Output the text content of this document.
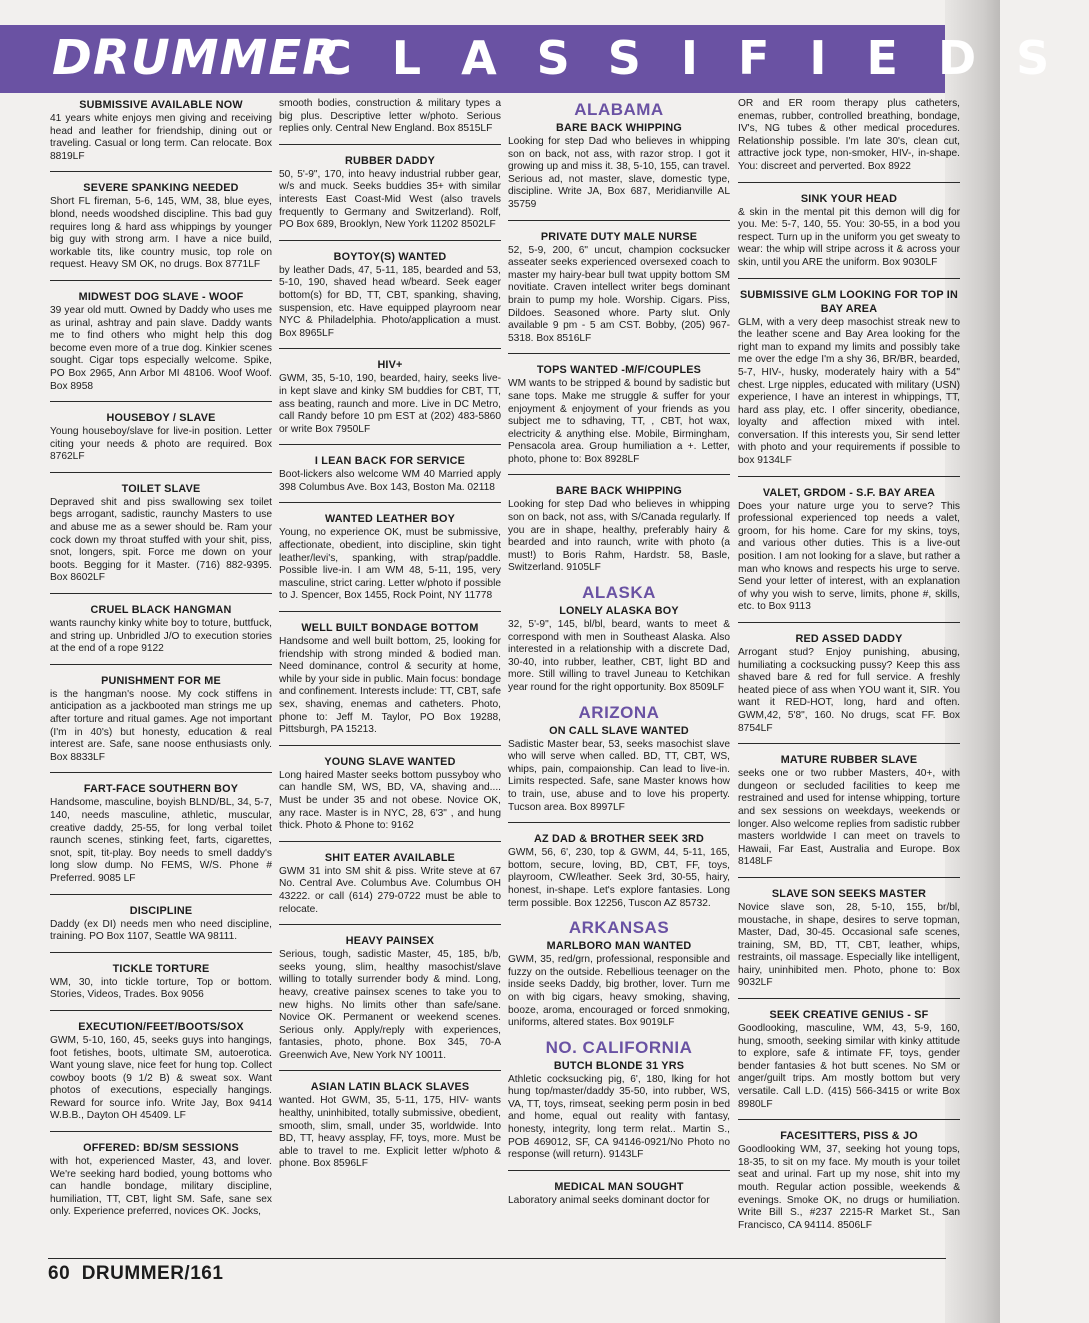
DRUMMER
CLASSIFIEDS
SUBMISSIVE AVAILABLE NOW
41 years white enjoys men giving and receiving head and leather for friendship, dining out or traveling. Casual or long term. Can relocate. Box 8819LF
SEVERE SPANKING NEEDED
Short FL fireman, 5-6, 145, WM, 38, blue eyes, blond, needs woodshed discipline. This bad guy requires long & hard ass whippings by younger big guy with strong arm. I have a nice build, workable tits, like country music, top role on request. Heavy SM OK, no drugs. Box 8771LF
MIDWEST DOG SLAVE - WOOF
39 year old mutt. Owned by Daddy who uses me as urinal, ashtray and pain slave. Daddy wants me to find others who might help this dog become even more of a true dog. Kinkier scenes sought. Cigar tops especially welcome. Spike, PO Box 2965, Ann Arbor MI 48106. Woof Woof. Box 8958
HOUSEBOY / SLAVE
Young houseboy/slave for live-in position. Letter citing your needs & photo are required. Box 8762LF
TOILET SLAVE
Depraved shit and piss swallowing sex toilet begs arrogant, sadistic, raunchy Masters to use and abuse me as a sewer should be. Ram your cock down my throat stuffed with your shit, piss, snot, longers, spit. Force me down on your boots. Begging for it Master. (716) 882-9395. Box 8602LF
CRUEL BLACK HANGMAN
wants raunchy kinky white boy to toture, buttfuck, and string up. Unbridled J/O to execution stories at the end of a rope 9122
PUNISHMENT FOR ME
is the hangman's noose. My cock stiffens in anticipation as a jackbooted man strings me up after torture and ritual games. Age not important (I'm in 40's) but honesty, education & real interest are. Safe, sane noose enthusiasts only. Box 8833LF
FART-FACE SOUTHERN BOY
Handsome, masculine, boyish BLND/BL, 34, 5-7, 140, needs masculine, athletic, muscular, creative daddy, 25-55, for long verbal toilet raunch scenes, stinking feet, farts, cigarettes, snot, spit, tit-play. Boy needs to smell daddy's long slow dump. No FEMS, W/S. Phone # Preferred. 9085 LF
DISCIPLINE
Daddy (ex DI) needs men who need discipline, training. PO Box 1107, Seattle WA 98111.
TICKLE TORTURE
WM, 30, into tickle torture, Top or bottom. Stories, Videos, Trades. Box 9056
EXECUTION/FEET/BOOTS/SOX
GWM, 5-10, 160, 45, seeks guys into hangings, foot fetishes, boots, ultimate SM, autoerotica. Want young slave, nice feet for hung top. Collect cowboy boots (9 1/2 B) & sweat sox. Want photos of executions, especially hangings. Reward for source info. Write Jay, Box 9414 W.B.B., Dayton OH 45409. LF
OFFERED: BD/SM SESSIONS
with hot, experienced Master, 43, and lover. We're seeking hard bodied, young bottoms who can handle bondage, military discipline, humiliation, TT, CBT, light SM. Safe, sane sex only. Experience preferred, novices OK. Jocks,
smooth bodies, construction & military types a big plus. Descriptive letter w/photo. Serious replies only. Central New England. Box 8515LF
RUBBER DADDY
50, 5'-9", 170, into heavy industrial rubber gear, w/s and muck. Seeks buddies 35+ with similar interests East Coast-Mid West (also travels frequently to Germany and Switzerland). Rolf, PO Box 689, Brooklyn, New York 11202 8502LF
BOYTOY(S) WANTED
by leather Dads, 47, 5-11, 185, bearded and 53, 5-10, 190, shaved head w/beard. Seek eager bottom(s) for BD, TT, CBT, spanking, shaving, suspension, etc. Have equipped playroom near NYC & Philadelphia. Photo/application a must. Box 8965LF
HIV+
GWM, 35, 5-10, 190, bearded, hairy, seeks live-in kept slave and kinky SM buddies for CBT, TT, ass beating, raunch and more. Live in DC Metro, call Randy before 10 pm EST at (202) 483-5860 or write Box 7950LF
I LEAN BACK FOR SERVICE
Boot-lickers also welcome WM 40 Married apply 398 Columbus Ave. Box 143, Boston Ma. 02118
WANTED LEATHER BOY
Young, no experience OK, must be submissive, affectionate, obedient, into discipline, skin tight leather/levi's, spanking, with strap/paddle. Possible live-in. I am WM 48, 5-11, 195, very masculine, strict caring. Letter w/photo if possible to J. Spencer, Box 1455, Rock Point, NY 11778
WELL BUILT BONDAGE BOTTOM
Handsome and well built bottom, 25, looking for friendship with strong minded & bodied man. Need dominance, control & security at home, while by your side in public. Main focus: bondage and confinement. Interests include: TT, CBT, safe sex, shaving, enemas and catheters. Photo, phone to: Jeff M. Taylor, PO Box 19288, Pittsburgh, PA 15213.
YOUNG SLAVE WANTED
Long haired Master seeks bottom pussyboy who can handle SM, WS, BD, VA, shaving and.... Must be under 35 and not obese. Novice OK, any race. Master is in NYC, 28, 6'3" , and hung thick. Photo & Phone to: 9162
SHIT EATER AVAILABLE
GWM 31 into SM shit & piss. Write steve at 67 No. Central Ave. Columbus Ave. Columbus OH 43222. or call (614) 279-0722 must be able to relocate.
HEAVY PAINSEX
Serious, tough, sadistic Master, 45, 185, b/b, seeks young, slim, healthy masochist/slave willing to totally surrender body & mind. Long, heavy, creative painsex scenes to take you to new highs. No limits other than safe/sane. Novice OK. Permanent or weekend scenes. Serious only. Apply/reply with experiences, fantasies, photo, phone. Box 345, 70-A Greenwich Ave, New York NY 10011.
ASIAN LATIN BLACK SLAVES
wanted. Hot GWM, 35, 5-11, 175, HIV- wants healthy, uninhibited, totally submissive, obedient, smooth, slim, small, under 35, worldwide. Into BD, TT, heavy assplay, FF, toys, more. Must be able to travel to me. Explicit letter w/photo & phone. Box 8596LF
ALABAMA
BARE BACK WHIPPING
Looking for step Dad who believes in whipping son on back, not ass, with razor strop. I got it growing up and miss it. 38, 5-10, 155, can travel. Serious ad, not master, slave, domestic type, discipline. Write JA, Box 687, Meridianville AL 35759
PRIVATE DUTY MALE NURSE
52, 5-9, 200, 6" uncut, champion cocksucker asseater seeks experienced oversexed coach to master my hairy-bear bull twat uppity bottom SM novitiate. Craven intellect writer begs dominant brain to pump my hole. Worship. Cigars. Piss, Dildoes. Seasoned whore. Party slut. Only available 9 pm - 5 am CST. Bobby, (205) 967-5318. Box 8516LF
TOPS WANTED -M/F/COUPLES
WM wants to be stripped & bound by sadistic but sane tops. Make me struggle & suffer for your enjoyment & enjoyment of your friends as you subject me to sdhaving, TT, , CBT, hot wax, electricity & anything else. Mobile, Birmingham, Pensacola area. Group humiliation a +. Letter, photo, phone to: Box 8928LF
BARE BACK WHIPPING
Looking for step Dad who believes in whipping son on back, not ass, with S/Canada regularly. If you are in shape, healthy, preferably hairy & bearded and into raunch, write with photo (a must!) to Boris Rahm, Hardstr. 58, Basle, Switzerland. 9105LF
ALASKA
LONELY ALASKA BOY
32, 5'-9", 145, bl/bl, beard, wants to meet & correspond with men in Southeast Alaska. Also interested in a relationship with a discrete Dad, 30-40, into rubber, leather, CBT, light BD and more. Still willing to travel Juneau to Ketchikan year round for the right opportunity. Box 8509LF
ARIZONA
ON CALL SLAVE WANTED
Sadistic Master bear, 53, seeks masochist slave who will serve when called. BD, TT, CBT, WS, whips, pain, compaionship. Can lead to live-in. Limits respected. Safe, sane Master knows how to train, use, abuse and to love his property. Tucson area. Box 8997LF
AZ DAD & BROTHER SEEK 3RD
GWM, 56, 6', 230, top & GWM, 44, 5-11, 165, bottom, secure, loving, BD, CBT, FF, toys, playroom, CW/leather. Seek 3rd, 30-55, hairy, honest, in-shape. Let's explore fantasies. Long term possible. Box 12256, Tuscon AZ 85732.
ARKANSAS
MARLBORO MAN WANTED
GWM, 35, red/grn, professional, responsible and fuzzy on the outside. Rebellious teenager on the inside seeks Daddy, big brother, lover. Turn me on with big cigars, heavy smoking, shaving, booze, aroma, encouraged or forced snmoking, uniforms, altered states. Box 9019LF
NO. CALIFORNIA
BUTCH BLONDE 31 YRS
Athletic cocksucking pig, 6', 180, lking for hot hung top/master/daddy 35-50, into rubber, WS, VA, TT, toys, rimseat, seeking perm posin in bed and home, equal out reality with fantasy, honesty, integrity, long term relat.. Martin S., POB 469012, SF, CA 94146-0921/No Photo no response (will return). 9143LF
MEDICAL MAN SOUGHT
Laboratory animal seeks dominant doctor for
OR and ER room therapy plus catheters, enemas, rubber, controlled breathing, bondage, IV's, NG tubes & other medical procedures. Relationship possible. I'm late 30's, clean cut, attractive jock type, non-smoker, HIV-, in-shape. You: discreet and perverted. Box 8922
SINK YOUR HEAD
& skin in the mental pit this demon will dig for you. Me: 5-7, 140, 55. You: 30-55, in a bod you respect. Turn up in the uniform you get sweaty to wear: the whip will stripe across it & across your skin, until you ARE the uniform. Box 9030LF
SUBMISSIVE GLM LOOKING FOR TOP IN BAY AREA
GLM, with a very deep masochist streak new to the leather scene and Bay Area looking for the right man to expand my limits and possibly take me over the edge I'm a shy 36, BR/BR, bearded, 5-7, HIV-, husky, moderately hairy with a 54" chest. Lrge nipples, educated with military (USN) experience, I have an interest in whippings, TT, hard ass play, etc. I offer sincerity, obediance, loyalty and affection mixed with intel. conversation. If this interests you, Sir send letter with photo and your requirements if possible to box 9134LF
VALET, GRDOM - S.F. BAY AREA
Does your nature urge you to serve? This professional experienced top needs a valet, groom, for his home. Care for my skins, toys, and various other duties. This is a live-out position. I am not looking for a slave, but rather a man who knows and respects his urge to serve. Send your letter of interest, with an explanation of why you wish to serve, limits, phone #, skills, etc. to Box 9113
RED ASSED DADDY
Arrogant stud? Enjoy punishing, abusing, humiliating a cocksucking pussy? Keep this ass shaved bare & red for full service. A freshly heated piece of ass when YOU want it, SIR. You want it RED-HOT, long, hard and often. GWM,42, 5'8", 160. No drugs, scat FF. Box 8754LF
MATURE RUBBER SLAVE
seeks one or two rubber Masters, 40+, with dungeon or secluded facilities to keep me restrained and used for intense whipping, torture and sex sessions on weekdays, weekends or longer. Also welcome replies from sadistic rubber masters worldwide I can meet on travels to Hawaii, Far East, Australia and Europe. Box 8148LF
SLAVE SON SEEKS MASTER
Novice slave son, 28, 5-10, 155, br/bl, moustache, in shape, desires to serve topman, Master, Dad, 30-45. Occasional safe scenes, training, SM, BD, TT, CBT, leather, whips, restraints, oil massage. Especially like intelligent, hairy, uninhibited men. Photo, phone to: Box 9032LF
SEEK CREATIVE GENIUS - SF
Goodlooking, masculine, WM, 43, 5-9, 160, hung, smooth, seeking similar with kinky attitude to explore, safe & intimate FF, toys, gender bender fantasies & hot butt scenes. No SM or anger/guilt trips. Am mostly bottom but very versatile. Call L.D. (415) 566-3415 or write Box 8980LF
FACESITTERS, PISS & JO
Goodlooking WM, 37, seeking hot young tops, 18-35, to sit on my face. My mouth is your toilet seat and urinal. Fart up my nose, shit into my mouth. Regular action possible, weekends & evenings. Smoke OK, no drugs or humiliation. Write Bill S., #237 2215-R Market St., San Francisco, CA 94114. 8506LF
60 DRUMMER/161
